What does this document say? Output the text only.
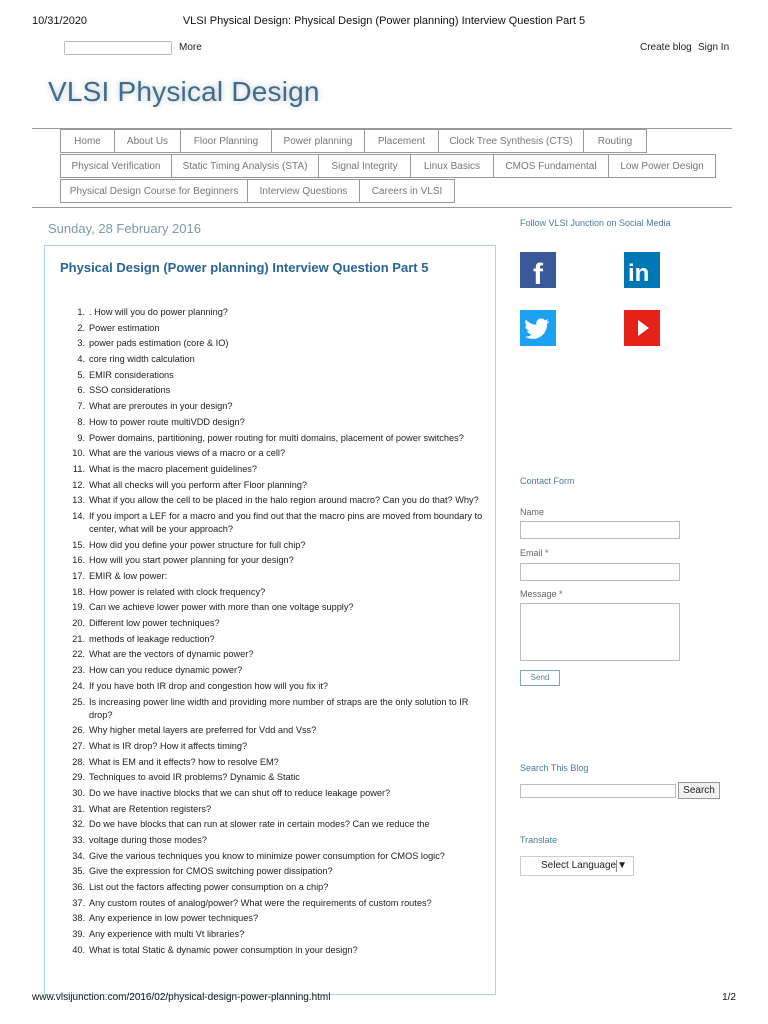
10/31/2020	VLSI Physical Design: Physical Design (Power planning) Interview Question Part 5
More	Create blog Sign In
VLSI Physical Design
Home	About Us	Floor Planning	Power planning	Placement	Clock Tree Synthesis (CTS)	Routing
Physical Verification	Static Timing Analysis (STA)	Signal Integrity	Linux Basics	CMOS Fundamental	Low Power Design
Physical Design Course for Beginners	Interview Questions	Careers in VLSI
Sunday, 28 February 2016
Physical Design (Power planning) Interview Question Part 5
1. . How will you do power planning?
2. Power estimation
3. power pads estimation (core & IO)
4. core ring width calculation
5. EMIR considerations
6. SSO considerations
7. What are preroutes in your design?
8. How to power route multiVDD design?
9. Power domains, partitioning, power routing for multi domains, placement of power switches?
10. What are the various views of a macro or a cell?
11. What is the macro placement guidelines?
12. What all checks will you perform after Floor planning?
13. What if you allow the cell to be placed in the halo region around macro? Can you do that? Why?
14. If you import a LEF for a macro and you find out that the macro pins are moved from boundary to center, what will be your approach?
15. How did you define your power structure for full chip?
16. How will you start power planning for your design?
17. EMIR & low power:
18. How power is related with clock frequency?
19. Can we achieve lower power with more than one voltage supply?
20. Different low power techniques?
21. methods of leakage reduction?
22. What are the vectors of dynamic power?
23. How can you reduce dynamic power?
24. If you have both IR drop and congestion how will you fix it?
25. Is increasing power line width and providing more number of straps are the only solution to IR drop?
26. Why higher metal layers are preferred for Vdd and Vss?
27. What is IR drop? How it affects timing?
28. What is EM and it effects? how to resolve EM?
29. Techniques to avoid IR problems? Dynamic & Static
30. Do we have inactive blocks that we can shut off to reduce leakage power?
31. What are Retention registers?
32. Do we have blocks that can run at slower rate in certain modes? Can we reduce the
33. voltage during those modes?
34. Give the various techniques you know to minimize power consumption for CMOS logic?
35. Give the expression for CMOS switching power dissipation?
36. List out the factors affecting power consumption on a chip?
37. Any custom routes of analog/power? What were the requirements of custom routes?
38. Any experience in low power techniques?
39. Any experience with multi Vt libraries?
40. What is total Static & dynamic power consumption in your design?
Follow VLSI Junction on Social Media
f	in
Contact Form
Name
Email *
Message *
Send
Search This Blog
Search
Translate
Select Language ▼
www.vlsijunction.com/2016/02/physical-design-power-planning.html	1/2
